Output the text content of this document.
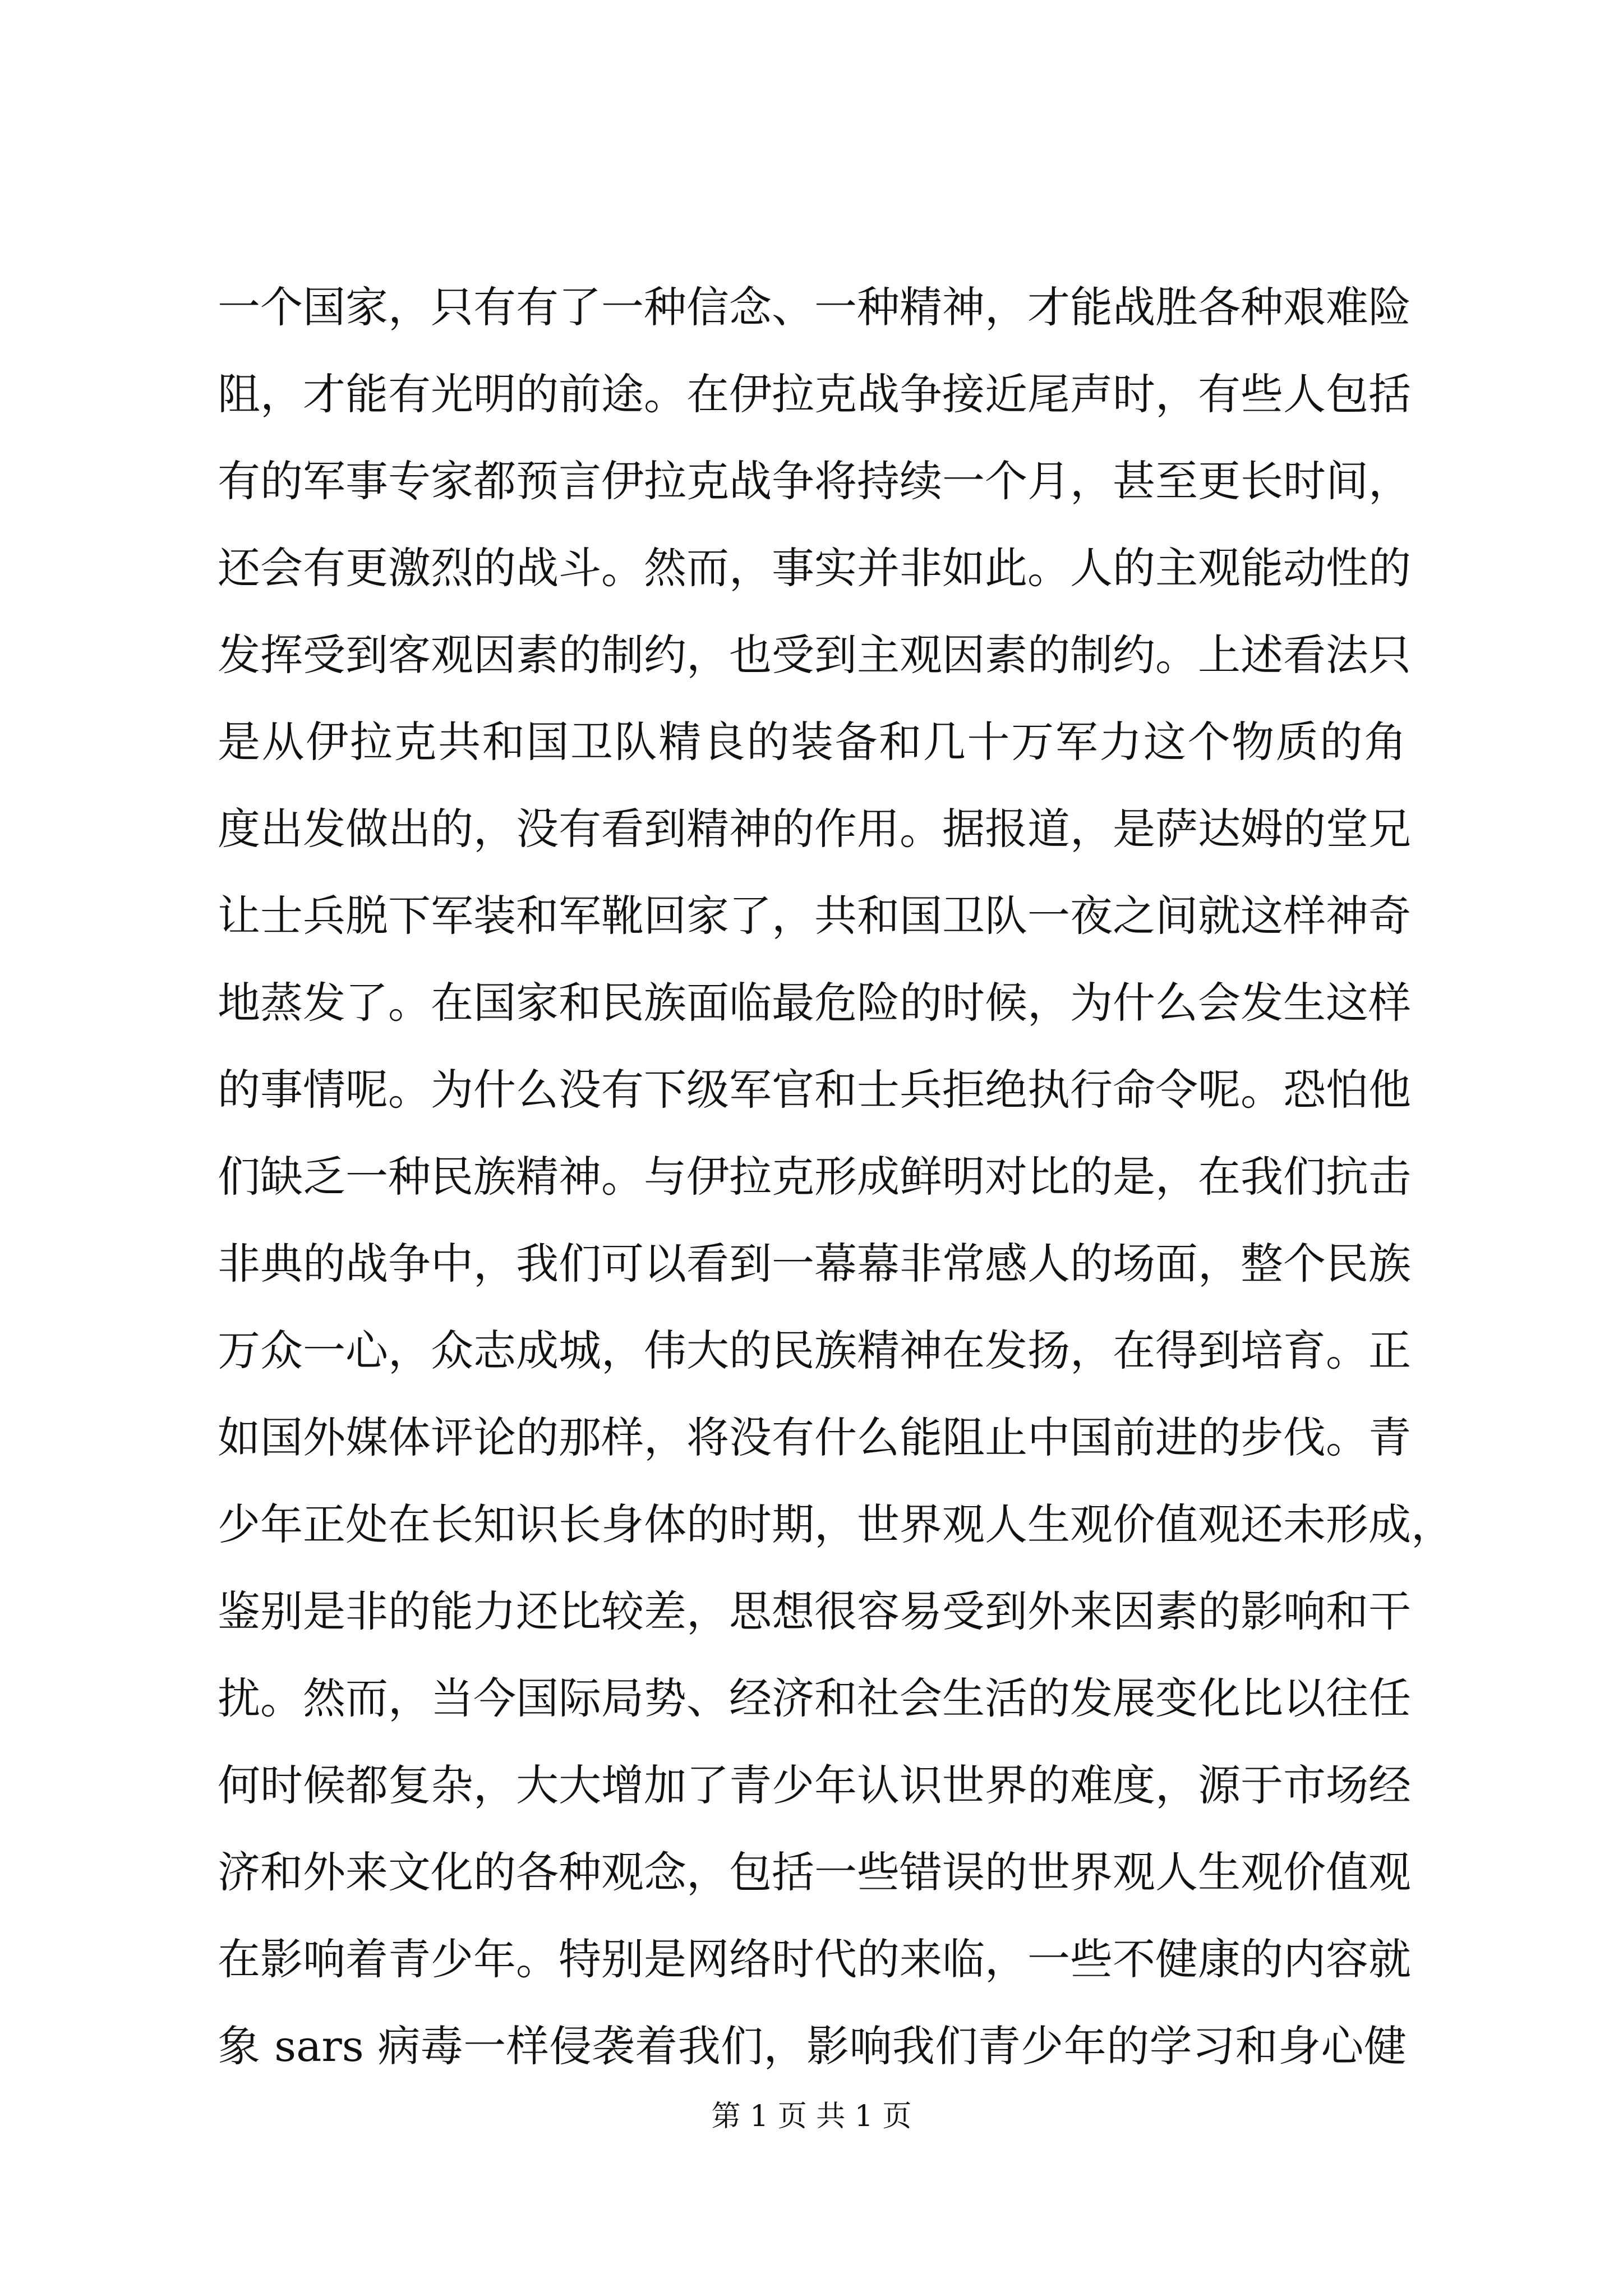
一个国家，只有有了一种信念、一种精神，才能战胜各种艰难险
阻，才能有光明的前途。在伊拉克战争接近尾声时，有些人包括
有的军事专家都预言伊拉克战争将持续一个月，甚至更长时间，
还会有更激烈的战斗。然而，事实并非如此。人的主观能动性的
发挥受到客观因素的制约，也受到主观因素的制约。上述看法只
是从伊拉克共和国卫队精良的装备和几十万军力这个物质的角
度出发做出的，没有看到精神的作用。据报道，是萨达姆的堂兄
让士兵脱下军装和军靴回家了，共和国卫队一夜之间就这样神奇
地蒸发了。在国家和民族面临最危险的时候，为什么会发生这样
的事情呢。为什么没有下级军官和士兵拒绝执行命令呢。恐怕他
们缺乏一种民族精神。与伊拉克形成鲜明对比的是，在我们抗击
非典的战争中，我们可以看到一幕幕非常感人的场面，整个民族
万众一心，众志成城，伟大的民族精神在发扬，在得到培育。正
如国外媒体评论的那样，将没有什么能阻止中国前进的步伐。青
少年正处在长知识长身体的时期，世界观人生观价值观还未形成，
鉴别是非的能力还比较差，思想很容易受到外来因素的影响和干
扰。然而，当今国际局势、经济和社会生活的发展变化比以往任
何时候都复杂，大大增加了青少年认识世界的难度，源于市场经
济和外来文化的各种观念，包括一些错误的世界观人生观价值观
在影响着青少年。特别是网络时代的来临，一些不健康的内容就
象 sars 病毒一样侵袭着我们，影响我们青少年的学习和身心健
第 1 页 共 1 页
